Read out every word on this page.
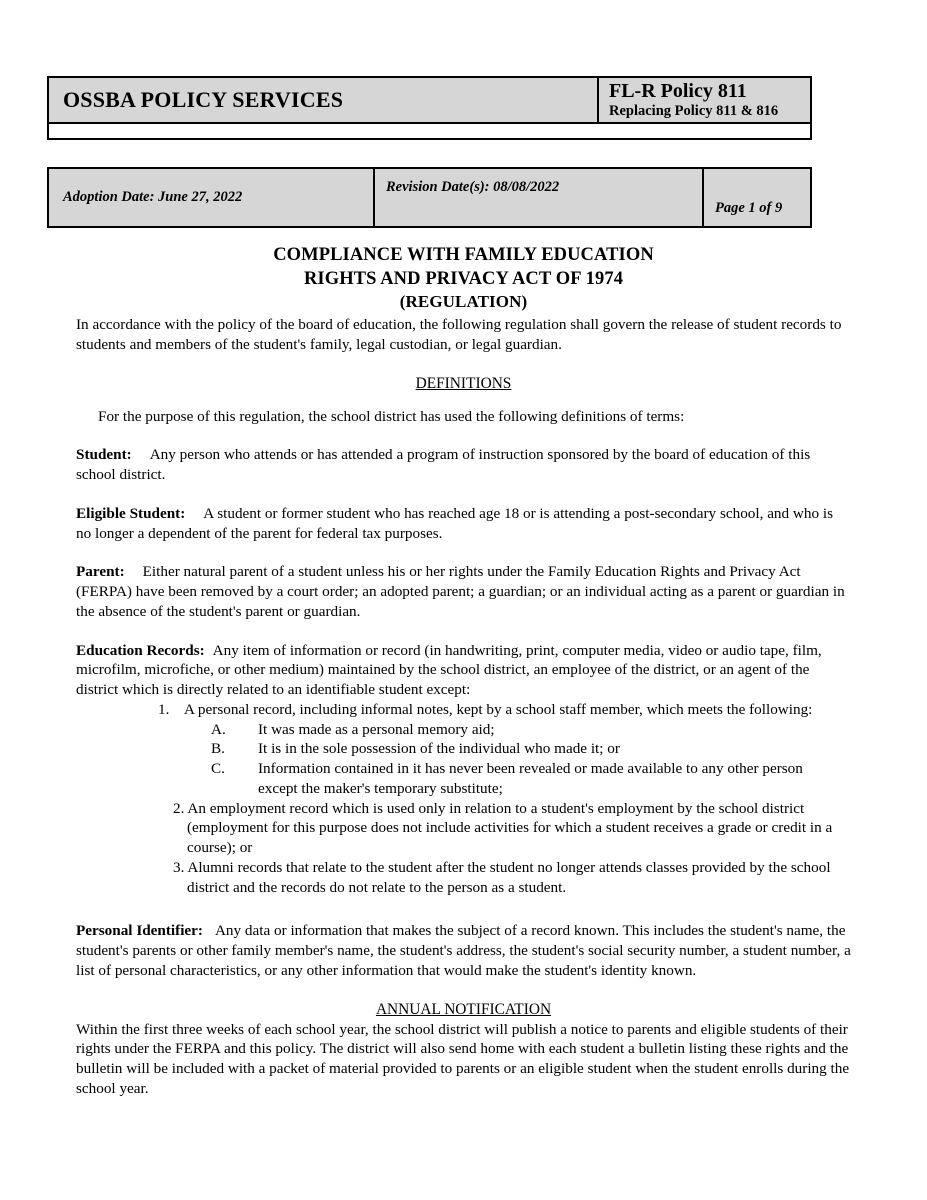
OSSBA POLICY SERVICES	FL-R Policy 811
Replacing Policy 811 & 816

Adoption Date: June 27, 2022	Revision Date(s): 08/08/2022	Page 1 of 9
COMPLIANCE WITH FAMILY EDUCATION
RIGHTS AND PRIVACY ACT OF 1974
(REGULATION)

In accordance with the policy of the board of education, the following regulation shall govern the release of student records to students and members of the student's family, legal custodian, or legal guardian.

DEFINITIONS

For the purpose of this regulation, the school district has used the following definitions of terms:

Student: Any person who attends or has attended a program of instruction sponsored by the board of education of this school district.

Eligible Student: A student or former student who has reached age 18 or is attending a post-secondary school, and who is no longer a dependent of the parent for federal tax purposes.

Parent: Either natural parent of a student unless his or her rights under the Family Education Rights and Privacy Act (FERPA) have been removed by a court order; an adopted parent; a guardian; or an individual acting as a parent or guardian in the absence of the student's parent or guardian.

Education Records: Any item of information or record (in handwriting, print, computer media, video or audio tape, film, microfilm, microfiche, or other medium) maintained by the school district, an employee of the district, or an agent of the district which is directly related to an identifiable student except:

1. A personal record, including informal notes, kept by a school staff member, which meets the following:
A.	It was made as a personal memory aid;
B.	It is in the sole possession of the individual who made it; or
C.	Information contained in it has never been revealed or made available to any other person
except the maker's temporary substitute;
2. An employment record which is used only in relation to a student's employment by the school district (employment for this purpose does not include activities for which a student receives a grade or credit in a course); or
3. Alumni records that relate to the student after the student no longer attends classes provided by the school district and the records do not relate to the person as a student.

Personal Identifier: Any data or information that makes the subject of a record known. This includes the student's name, the student's parents or other family member's name, the student's address, the student's social security number, a student number, a list of personal characteristics, or any other information that would make the student's identity known.

ANNUAL NOTIFICATION

Within the first three weeks of each school year, the school district will publish a notice to parents and eligible students of their rights under the FERPA and this policy. The district will also send home with each student a bulletin listing these rights and the bulletin will be included with a packet of material provided to parents or an eligible student when the student enrolls during the school year.
